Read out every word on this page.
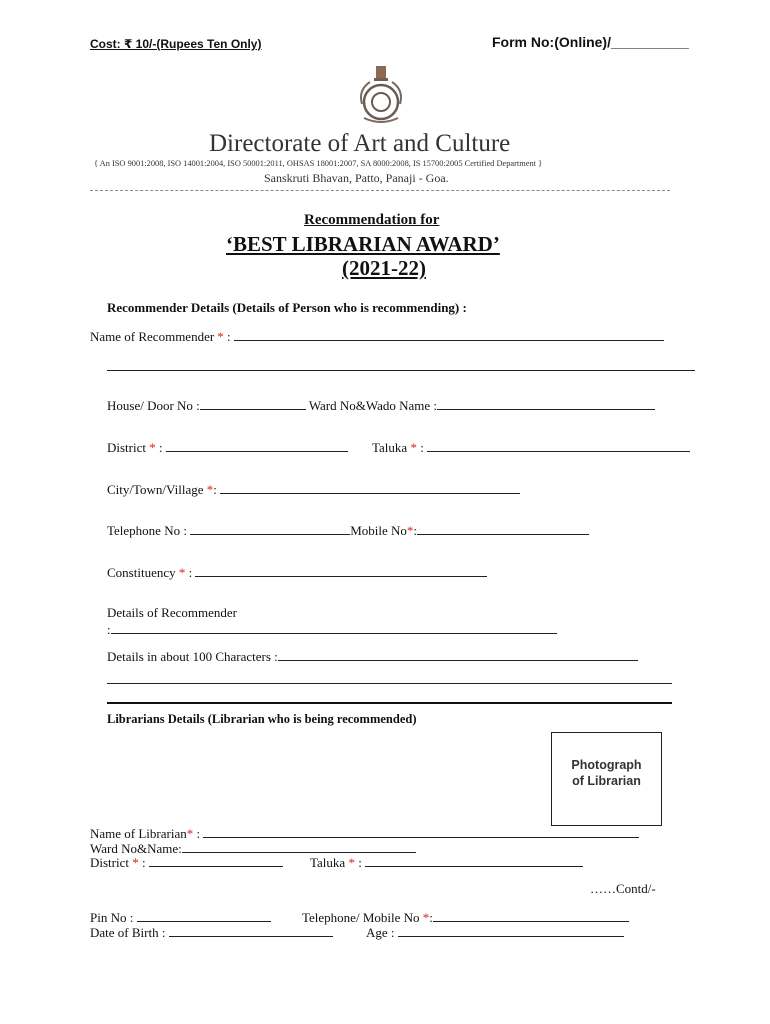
Cost: ₹ 10/-(Rupees Ten Only)	Form No:(Online)/__________
Directorate of Art and Culture
{ An ISO 9001:2008, ISO 14001:2004, ISO 50001:2011, OHSAS 18001:2007, SA 8000:2008, IS 15700:2005 Certified Department }
Sanskruti Bhavan, Patto, Panaji - Goa.
Recommendation for
‘BEST LIBRARIAN AWARD’
(2021-22)
Recommender Details (Details of Person who is recommending) :
Name of Recommender * :
House/ Door No :	Ward No&Wado Name :
District * :	Taluka * :
City/Town/Village *:
Telephone No :	Mobile No*:
Constituency * :
Details of Recommender
:
Details in about 100 Characters :
Librarians Details (Librarian who is being recommended)
Photograph
of Librarian
Name of Librarian* :
Ward No&Name:
District * :	Taluka * :
……Contd/-
Pin No :	Telephone/ Mobile No *:
Date of Birth :	Age :
